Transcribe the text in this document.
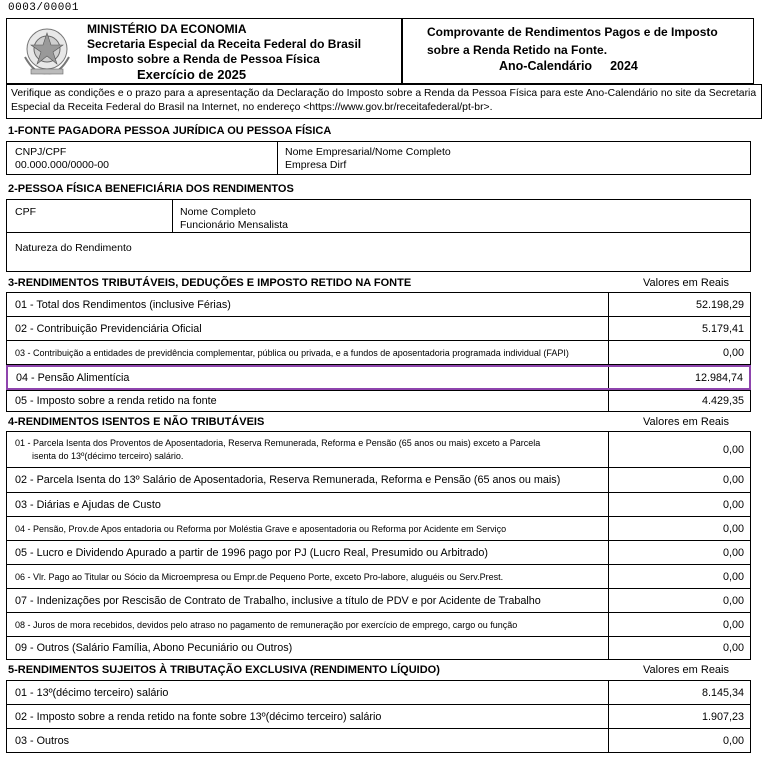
0003/00001
MINISTÉRIO DA ECONOMIA
Secretaria Especial da Receita Federal do Brasil
Imposto sobre a Renda de Pessoa Física
Exercício de 2025
Comprovante de Rendimentos Pagos e de Imposto
sobre a Renda Retido na Fonte.
Ano-Calendário 2024
Verifique as condições e o prazo para a apresentação da Declaração do Imposto sobre a Renda da Pessoa Física para este Ano-Calendário no site da Secretaria Especial da Receita Federal do Brasil na Internet, no endereço <https://www.gov.br/receitafederal/pt-br>.
1-FONTE PAGADORA PESSOA JURÍDICA OU PESSOA FÍSICA
CNPJ/CPF
00.000.000/0000-00
Nome Empresarial/Nome Completo
Empresa Dirf
2-PESSOA FÍSICA BENEFICIÁRIA DOS RENDIMENTOS
CPF	Nome Completo
Funcionário Mensalista
Natureza do Rendimento
3-RENDIMENTOS TRIBUTÁVEIS, DEDUÇÕES E IMPOSTO RETIDO NA FONTE	Valores em Reais
01 - Total dos Rendimentos (inclusive Férias)	52.198,29
02 - Contribuição Previdenciária Oficial	5.179,41
03 - Contribuição a entidades de previdência complementar, pública ou privada, e a fundos de aposentadoria programada individual (FAPI)	0,00
04 - Pensão Alimentícia	12.984,74
05 - Imposto sobre a renda retido na fonte	4.429,35
4-RENDIMENTOS ISENTOS E NÃO TRIBUTÁVEIS	Valores em Reais
01 - Parcela Isenta dos Proventos de Aposentadoria, Reserva Remunerada, Reforma e Pensão (65 anos ou mais) exceto a Parcela
isenta do 13º(décimo terceiro) salário.	0,00
02 - Parcela Isenta do 13º Salário de Aposentadoria, Reserva Remunerada, Reforma e Pensão (65 anos ou mais)	0,00
03 - Diárias e Ajudas de Custo	0,00
04 - Pensão, Prov.de Apos entadoria ou Reforma por Moléstia Grave e aposentadoria ou Reforma por Acidente em Serviço	0,00
05 - Lucro e Dividendo Apurado a partir de 1996 pago por PJ (Lucro Real, Presumido ou Arbitrado)	0,00
06 - Vlr. Pago ao Titular ou Sócio da Microempresa ou Empr.de Pequeno Porte, exceto Pro-labore, aluguéis ou Serv.Prest.	0,00
07 - Indenizações por Rescisão de Contrato de Trabalho, inclusive a título de PDV e por Acidente de Trabalho	0,00
08 - Juros de mora recebidos, devidos pelo atraso no pagamento de remuneração por exercício de emprego, cargo ou função	0,00
09 - Outros (Salário Família, Abono Pecuniário ou Outros)	0,00
5-RENDIMENTOS SUJEITOS À TRIBUTAÇÃO EXCLUSIVA (RENDIMENTO LÍQUIDO)	Valores em Reais
01 - 13º(décimo terceiro) salário	8.145,34
02 - Imposto sobre a renda retido na fonte sobre 13º(décimo terceiro) salário	1.907,23
03 - Outros	0,00
